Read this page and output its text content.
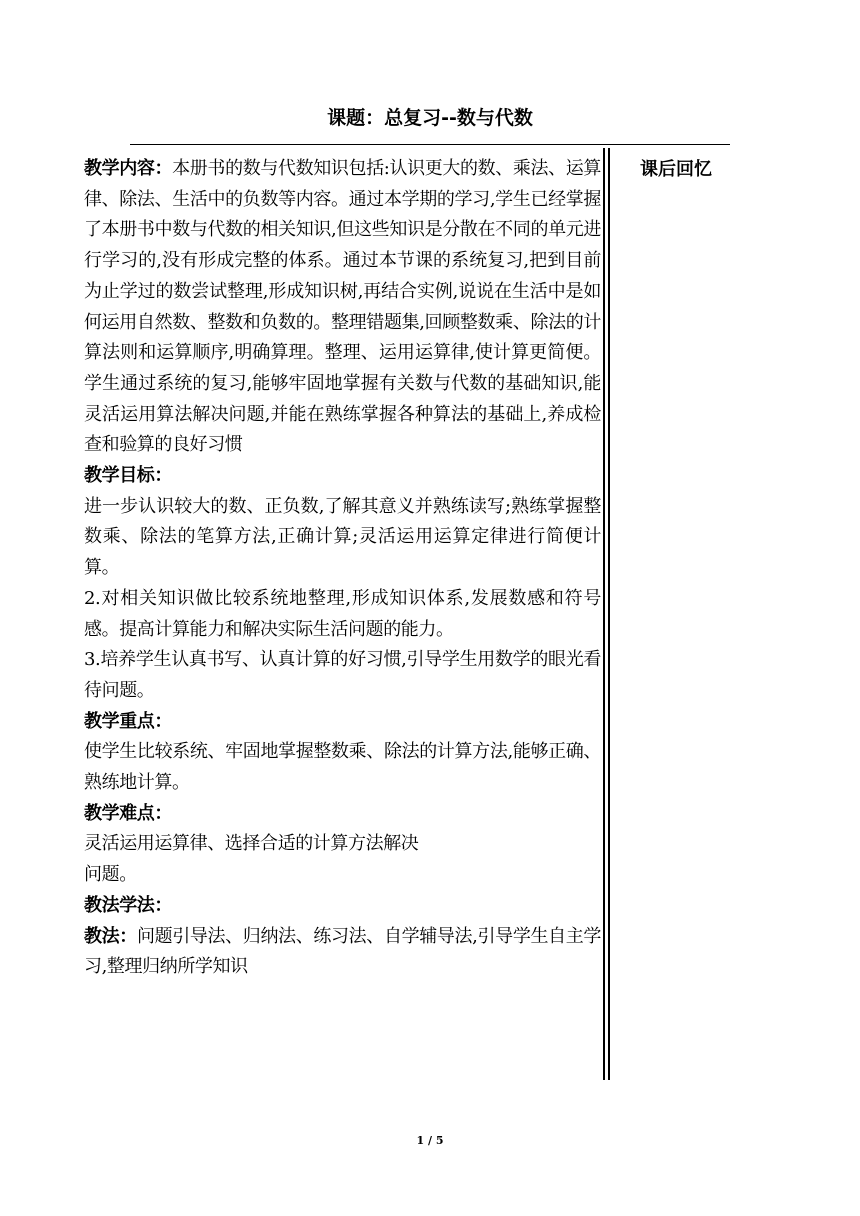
课题：总复习--数与代数
课后回忆

教学内容：本册书的数与代数知识包括:认识更大的数、乘法、运算律、除法、生活中的负数等内容。通过本学期的学习,学生已经掌握了本册书中数与代数的相关知识,但这些知识是分散在不同的单元进行学习的,没有形成完整的体系。通过本节课的系统复习,把到目前为止学过的数尝试整理,形成知识树,再结合实例,说说在生活中是如何运用自然数、整数和负数的。整理错题集,回顾整数乘、除法的计算法则和运算顺序,明确算理。整理、运用运算律,使计算更简便。学生通过系统的复习,能够牢固地掌握有关数与代数的基础知识,能灵活运用算法解决问题,并能在熟练掌握各种算法的基础上,养成检查和验算的良好习惯

教学目标：

进一步认识较大的数、正负数,了解其意义并熟练读写;熟练掌握整数乘、除法的笔算方法,正确计算;灵活运用运算定律进行简便计算。

2.对相关知识做比较系统地整理,形成知识体系,发展数感和符号感。提高计算能力和解决实际生活问题的能力。

3.培养学生认真书写、认真计算的好习惯,引导学生用数学的眼光看待问题。

教学重点：

使学生比较系统、牢固地掌握整数乘、除法的计算方法,能够正确、熟练地计算。

教学难点：

灵活运用运算律、选择合适的计算方法解决

问题。

教法学法：

教法：问题引导法、归纳法、练习法、自学辅导法,引导学生自主学习,整理归纳所学知识

1 / 5
